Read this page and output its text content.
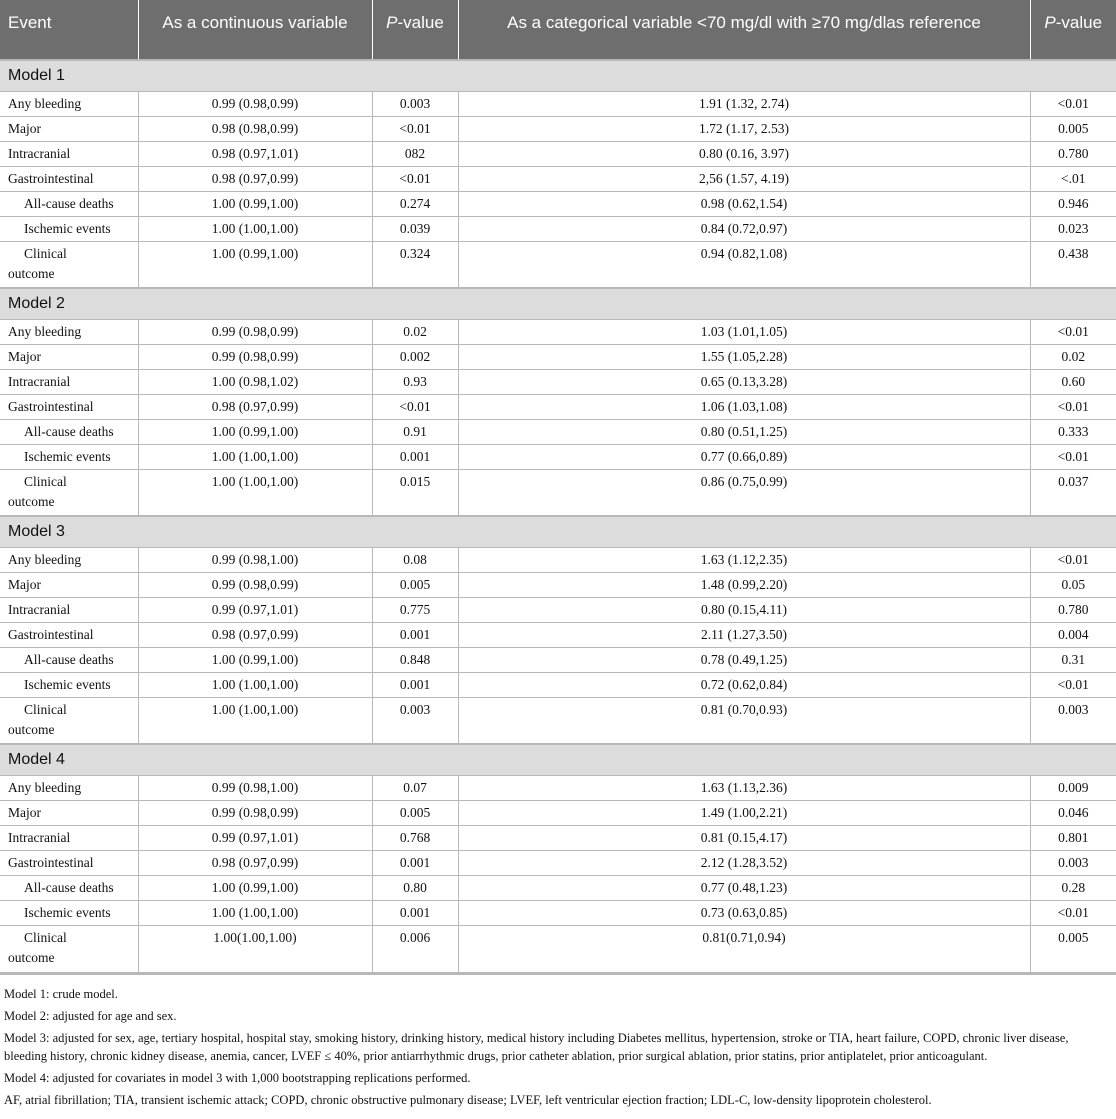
Event	As a continuous variable	P-value	As a categorical variable <70 mg/dl with ≥70 mg/dlas reference	P-value
Model 1				
Any bleeding	0.99 (0.98,0.99)	0.003	1.91 (1.32, 2.74)	<0.01
Major	0.98 (0.98,0.99)	<0.01	1.72 (1.17, 2.53)	0.005
Intracranial	0.98 (0.97,1.01)	082	0.80 (0.16, 3.97)	0.780
Gastrointestinal	0.98 (0.97,0.99)	<0.01	2,56 (1.57, 4.19)	<.01
All-cause deaths	1.00 (0.99,1.00)	0.274	0.98 (0.62,1.54)	0.946
Ischemic events	1.00 (1.00,1.00)	0.039	0.84 (0.72,0.97)	0.023
Clinical
outcome	1.00 (0.99,1.00)	0.324	0.94 (0.82,1.08)	0.438
Model 2				
Any bleeding	0.99 (0.98,0.99)	0.02	1.03 (1.01,1.05)	<0.01
Major	0.99 (0.98,0.99)	0.002	1.55 (1.05,2.28)	0.02
Intracranial	1.00 (0.98,1.02)	0.93	0.65 (0.13,3.28)	0.60
Gastrointestinal	0.98 (0.97,0.99)	<0.01	1.06 (1.03,1.08)	<0.01
All-cause deaths	1.00 (0.99,1.00)	0.91	0.80 (0.51,1.25)	0.333
Ischemic events	1.00 (1.00,1.00)	0.001	0.77 (0.66,0.89)	<0.01
Clinical
outcome	1.00 (1.00,1.00)	0.015	0.86 (0.75,0.99)	0.037
Model 3				
Any bleeding	0.99 (0.98,1.00)	0.08	1.63 (1.12,2.35)	<0.01
Major	0.99 (0.98,0.99)	0.005	1.48 (0.99,2.20)	0.05
Intracranial	0.99 (0.97,1.01)	0.775	0.80 (0.15,4.11)	0.780
Gastrointestinal	0.98 (0.97,0.99)	0.001	2.11 (1.27,3.50)	0.004
All-cause deaths	1.00 (0.99,1.00)	0.848	0.78 (0.49,1.25)	0.31
Ischemic events	1.00 (1.00,1.00)	0.001	0.72 (0.62,0.84)	<0.01
Clinical
outcome	1.00 (1.00,1.00)	0.003	0.81 (0.70,0.93)	0.003
Model 4				
Any bleeding	0.99 (0.98,1.00)	0.07	1.63 (1.13,2.36)	0.009
Major	0.99 (0.98,0.99)	0.005	1.49 (1.00,2.21)	0.046
Intracranial	0.99 (0.97,1.01)	0.768	0.81 (0.15,4.17)	0.801
Gastrointestinal	0.98 (0.97,0.99)	0.001	2.12 (1.28,3.52)	0.003
All-cause deaths	1.00 (0.99,1.00)	0.80	0.77 (0.48,1.23)	0.28
Ischemic events	1.00 (1.00,1.00)	0.001	0.73 (0.63,0.85)	<0.01
Clinical
outcome	1.00(1.00,1.00)	0.006	0.81(0.71,0.94)	0.005

Model 1: crude model.

Model 2: adjusted for age and sex.

Model 3: adjusted for sex, age, tertiary hospital, hospital stay, smoking history, drinking history, medical history including Diabetes mellitus, hypertension, stroke or TIA, heart failure, COPD, chronic liver disease, bleeding history, chronic kidney disease, anemia, cancer, LVEF ≤ 40%, prior antiarrhythmic drugs, prior catheter ablation, prior surgical ablation, prior statins, prior antiplatelet, prior anticoagulant.

Model 4: adjusted for covariates in model 3 with 1,000 bootstrapping replications performed.

AF, atrial fibrillation; TIA, transient ischemic attack; COPD, chronic obstructive pulmonary disease; LVEF, left ventricular ejection fraction; LDL-C, low-density lipoprotein cholesterol.
